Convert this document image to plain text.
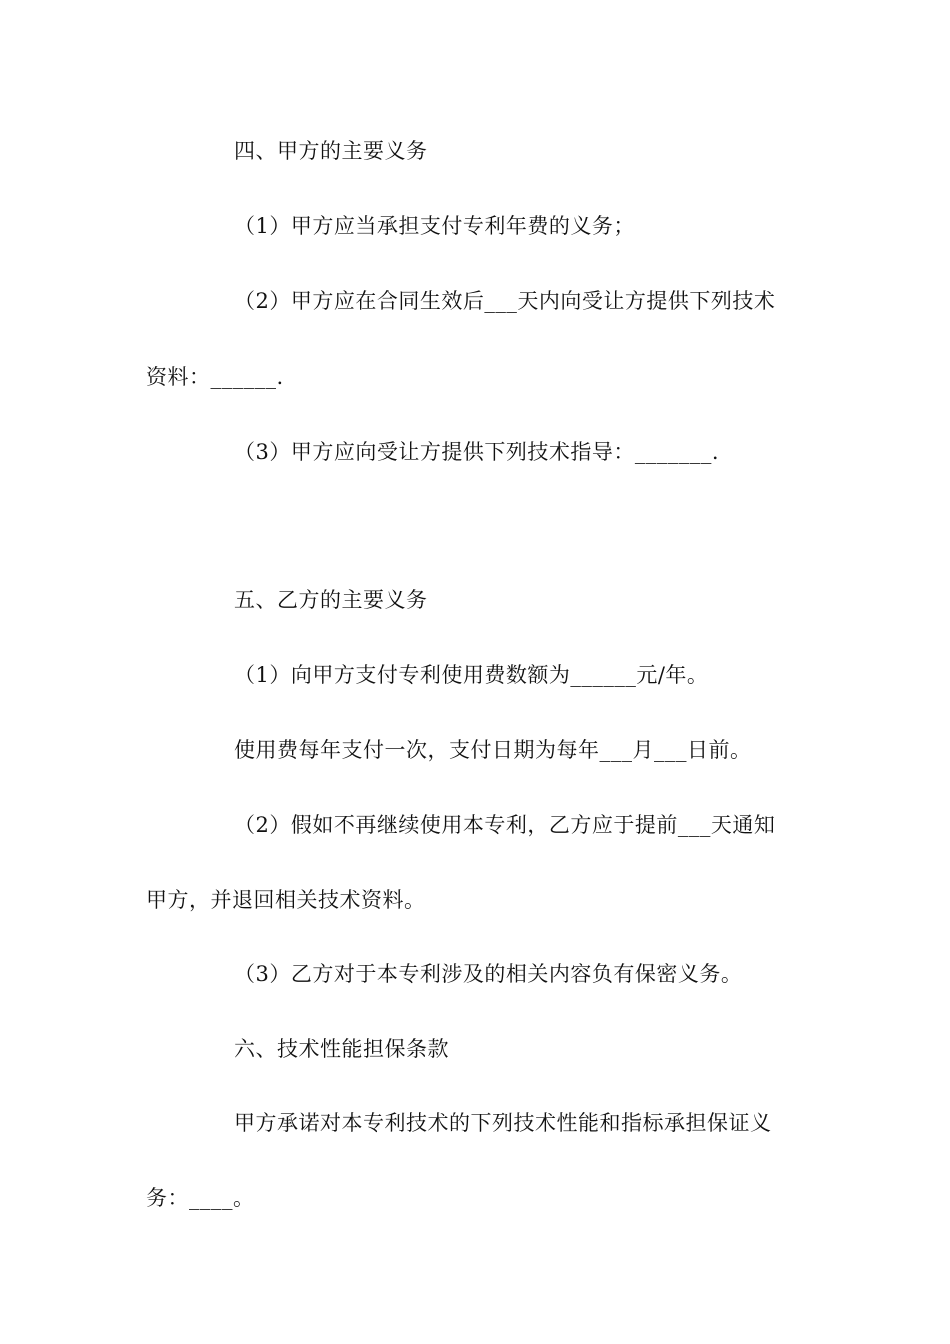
四、甲方的主要义务
（1）甲方应当承担支付专利年费的义务；
（2）甲方应在合同生效后___天内向受让方提供下列技术
资料：______.
（3）甲方应向受让方提供下列技术指导：_______.
五、乙方的主要义务
（1）向甲方支付专利使用费数额为______元/年。
使用费每年支付一次，支付日期为每年___月___日前。
（2）假如不再继续使用本专利，乙方应于提前___天通知
甲方，并退回相关技术资料。
（3）乙方对于本专利涉及的相关内容负有保密义务。
六、技术性能担保条款
甲方承诺对本专利技术的下列技术性能和指标承担保证义
务：____。
